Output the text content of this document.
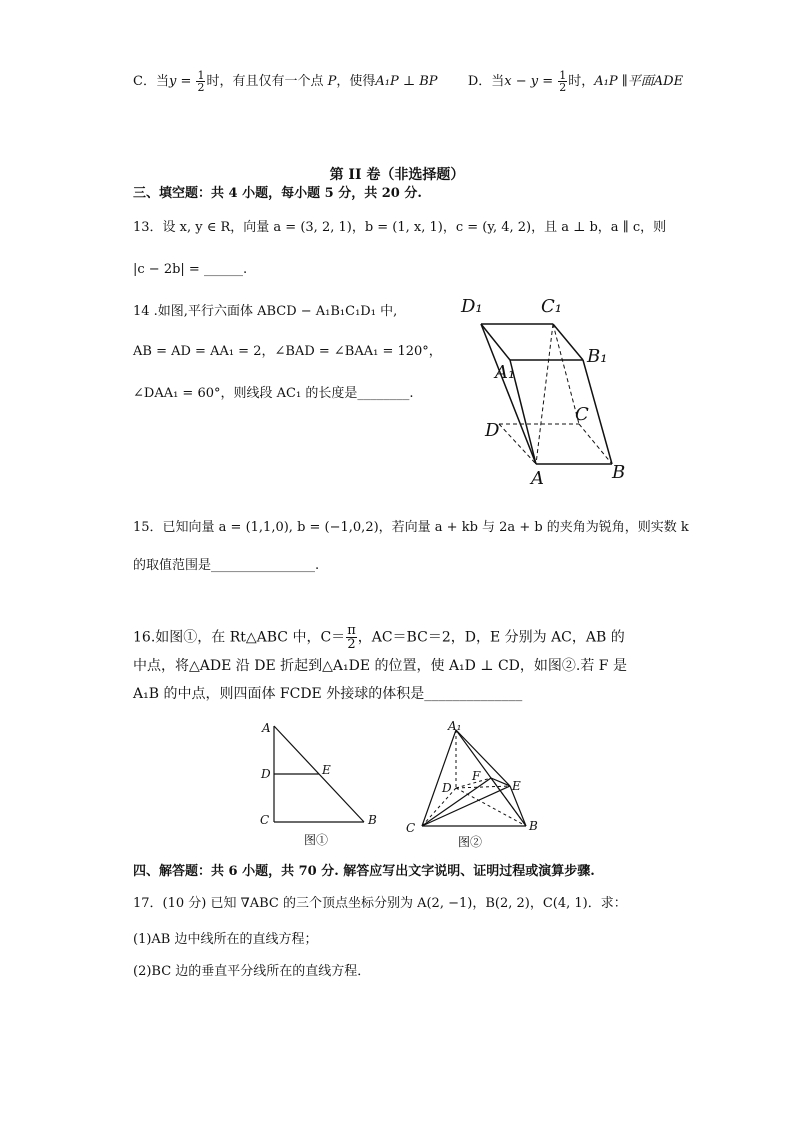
C．当$y = \frac{1}{2}$ 时，有且仅有一个点 P，使得A₁P ⊥ BP D．当$x - y = \frac{1}{2}$ 时，A₁P ∥平面ADE
第 II 卷（非选择题）
三、填空题：共 4 小题，每小题 5 分，共 20 分.
13．设 x, y ∈ R，向量 a = (3, 2, 1)，b = (1, x, 1)，c = (y, 4, 2)，且 a ⊥ b，a ∥ c，则
|c − 2b| = ______.
14 .如图,平行六面体 ABCD − A₁B₁C₁D₁ 中,
AB = AD = AA₁ = 2，∠BAD = ∠BAA₁ = 120°，
∠DAA₁ = 60°，则线段 AC₁ 的长度是________.
D₁	C₁
B₁
A₁
C
D
A	B
15．已知向量 a = (1,1,0), b = (−1,0,2)，若向量 a + kb 与 2a + b 的夹角为锐角，则实数 k
的取值范围是________________.
16.如图①，在 Rt△ABC 中，$C= \frac{\pi}{2}$ ，AC＝BC＝2，D，E 分别为 AC，AB 的
中点，将△ADE 沿 DE 折起到△A₁DE 的位置，使 A₁D ⊥ CD，如图②.若 F 是
A₁B 的中点，则四面体 FCDE 外接球的体积是______________
A
D	E
C	B
图①
A₁
F
D	E
C	B
图②
四、解答题：共 6 小题，共 70 分. 解答应写出文字说明、证明过程或演算步骤.
17．(10 分) 已知 ∇ABC 的三个顶点坐标分别为 A(2, −1)，B(2, 2)，C(4, 1)．求：
(1)AB 边中线所在的直线方程；
(2)BC 边的垂直平分线所在的直线方程．
